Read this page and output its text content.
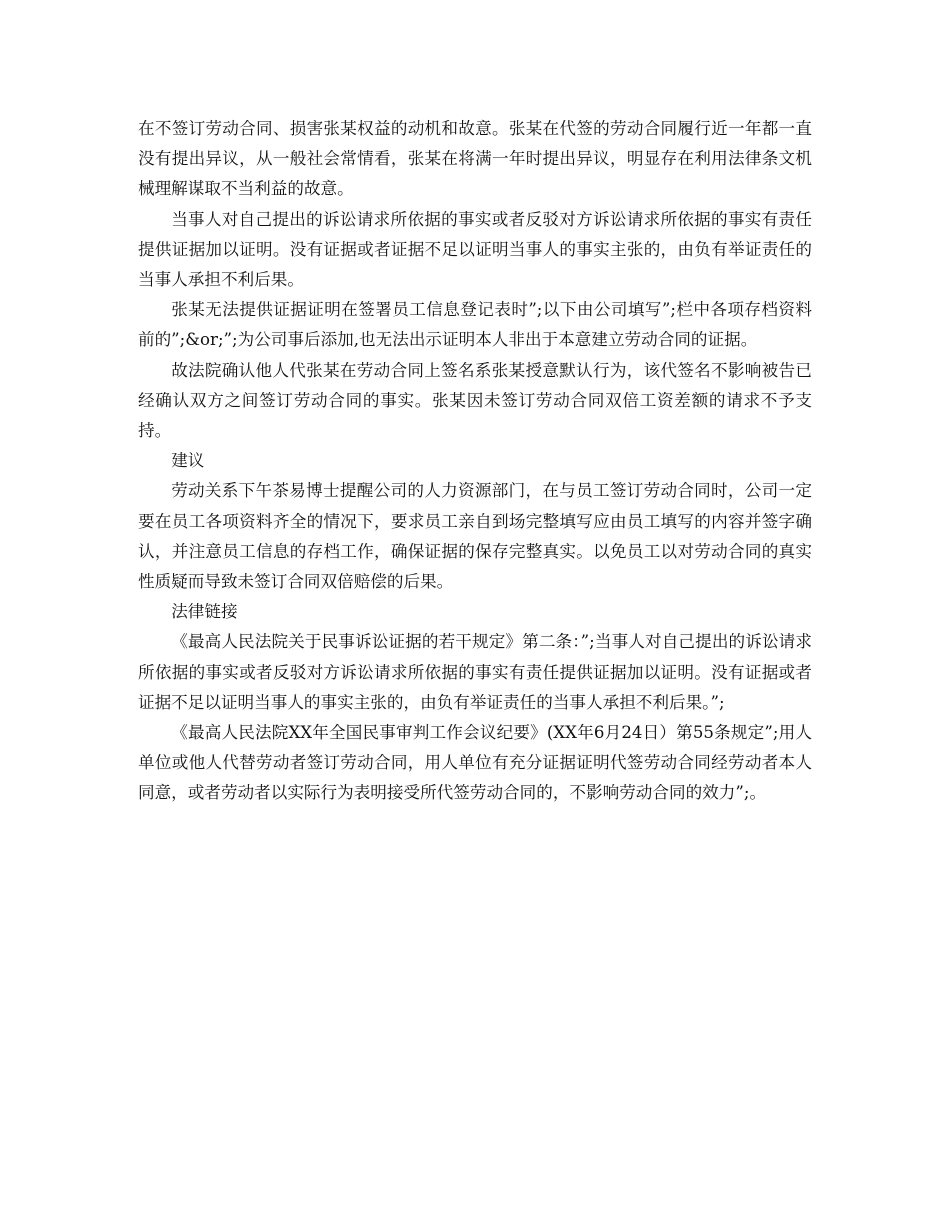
在不签订劳动合同、损害张某权益的动机和故意。张某在代签的劳动合同履行近一年都一直没有提出异议，从一般社会常情看，张某在将满一年时提出异议，明显存在利用法律条文机械理解谋取不当利益的故意。

当事人对自己提出的诉讼请求所依据的事实或者反驳对方诉讼请求所依据的事实有责任提供证据加以证明。没有证据或者证据不足以证明当事人的事实主张的，由负有举证责任的当事人承担不利后果。

张某无法提供证据证明在签署员工信息登记表时”;以下由公司填写”;栏中各项存档资料前的”;&or;”;为公司事后添加,也无法出示证明本人非出于本意建立劳动合同的证据。

故法院确认他人代张某在劳动合同上签名系张某授意默认行为，该代签名不影响被告已经确认双方之间签订劳动合同的事实。张某因未签订劳动合同双倍工资差额的请求不予支持。

建议

劳动关系下午茶易博士提醒公司的人力资源部门，在与员工签订劳动合同时，公司一定要在员工各项资料齐全的情况下，要求员工亲自到场完整填写应由员工填写的内容并签字确认，并注意员工信息的存档工作，确保证据的保存完整真实。以免员工以对劳动合同的真实性质疑而导致未签订合同双倍赔偿的后果。

法律链接

《最高人民法院关于民事诉讼证据的若干规定》第二条：”;当事人对自己提出的诉讼请求所依据的事实或者反驳对方诉讼请求所依据的事实有责任提供证据加以证明。没有证据或者证据不足以证明当事人的事实主张的，由负有举证责任的当事人承担不利后果。”;

《最高人民法院XX年全国民事审判工作会议纪要》(XX年6月24日）第55条规定”;用人单位或他人代替劳动者签订劳动合同，用人单位有充分证据证明代签劳动合同经劳动者本人同意，或者劳动者以实际行为表明接受所代签劳动合同的，不影响劳动合同的效力”;。
